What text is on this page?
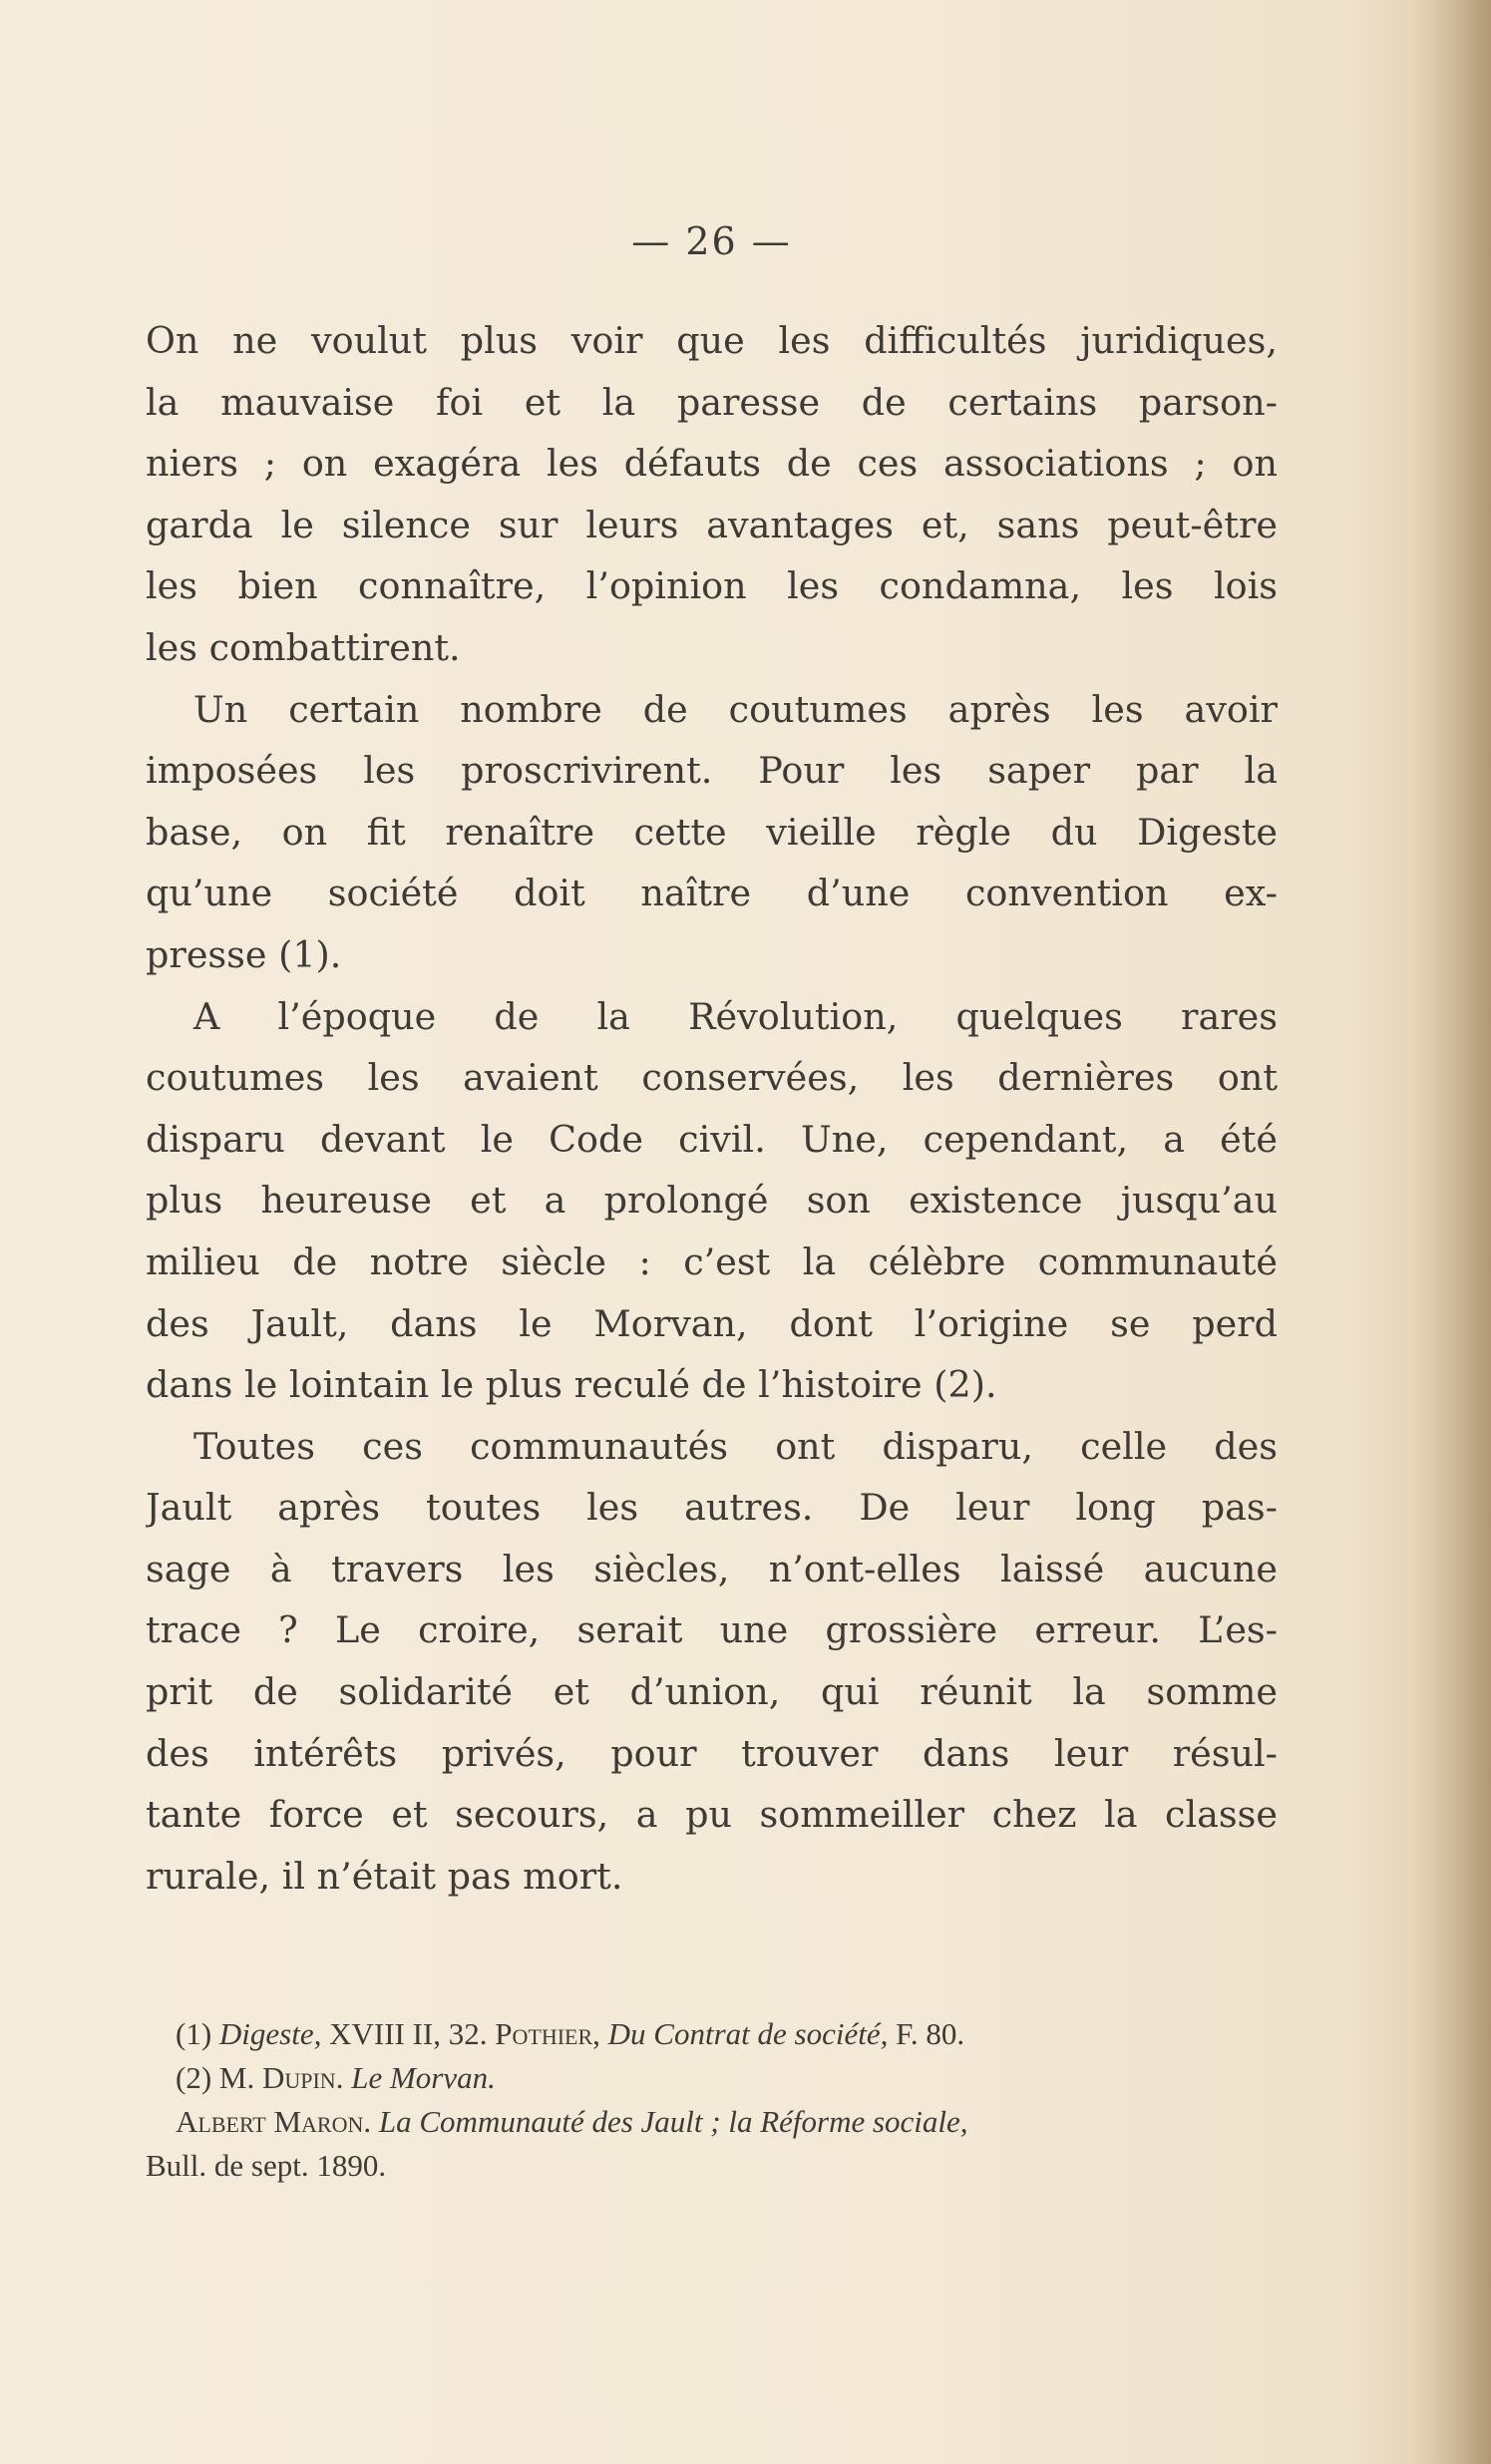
— 26 —

On ne voulut plus voir que les difficultés juridiques,
la mauvaise foi et la paresse de certains parson-
niers ; on exagéra les défauts de ces associations ; on
garda le silence sur leurs avantages et, sans peut-être
les bien connaître, l’opinion les condamna, les lois
les combattirent.
Un certain nombre de coutumes après les avoir
imposées les proscrivirent. Pour les saper par la
base, on fit renaître cette vieille règle du Digeste
qu’une société doit naître d’une convention ex-
presse (1).
A l’époque de la Révolution, quelques rares
coutumes les avaient conservées, les dernières ont
disparu devant le Code civil. Une, cependant, a été
plus heureuse et a prolongé son existence jusqu’au
milieu de notre siècle : c’est la célèbre communauté
des Jault, dans le Morvan, dont l’origine se perd
dans le lointain le plus reculé de l’histoire (2).
Toutes ces communautés ont disparu, celle des
Jault après toutes les autres. De leur long pas-
sage à travers les siècles, n’ont-elles laissé aucune
trace ? Le croire, serait une grossière erreur. L’es-
prit de solidarité et d’union, qui réunit la somme
des intérêts privés, pour trouver dans leur résul-
tante force et secours, a pu sommeiller chez la classe
rurale, il n’était pas mort.
(1) Digeste, XVIII II, 32. Pothier, Du Contrat de société, F. 80.
(2) M. Dupin. Le Morvan.
Albert Maron. La Communauté des Jault ; la Réforme sociale,
Bull. de sept. 1890.
